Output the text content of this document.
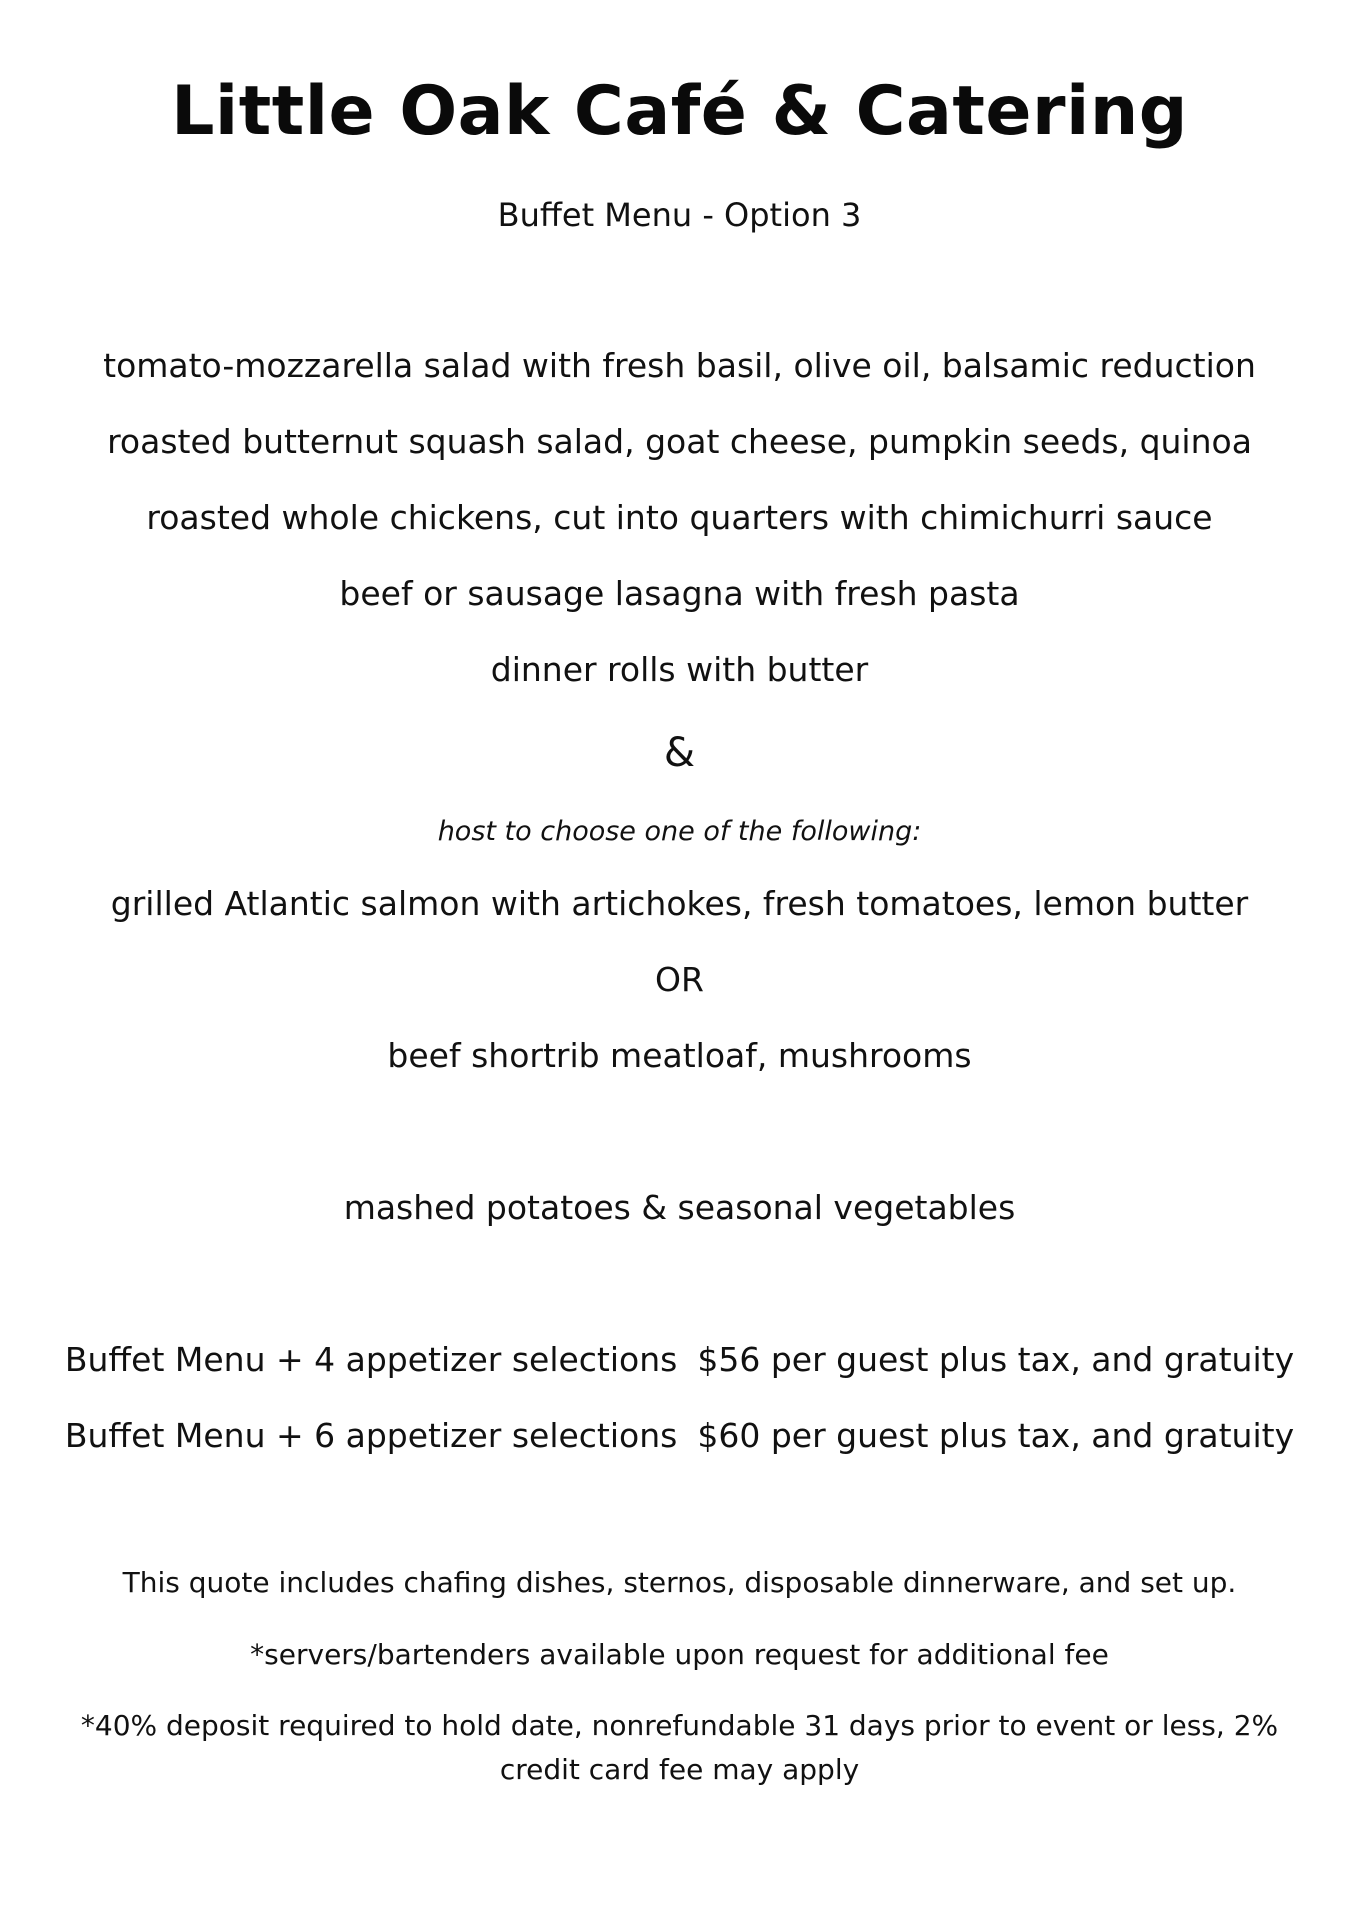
Little Oak Café & Catering
Buffet Menu - Option 3
tomato-mozzarella salad with fresh basil, olive oil, balsamic reduction
roasted butternut squash salad, goat cheese, pumpkin seeds, quinoa
roasted whole chickens, cut into quarters with chimichurri sauce
beef or sausage lasagna with fresh pasta
dinner rolls with butter
&
host to choose one of the following:
grilled Atlantic salmon with artichokes, fresh tomatoes, lemon butter
OR
beef shortrib meatloaf, mushrooms
mashed potatoes & seasonal vegetables
Buffet Menu + 4 appetizer selections $56 per guest plus tax, and gratuity
Buffet Menu + 6 appetizer selections $60 per guest plus tax, and gratuity
This quote includes chafing dishes, sternos, disposable dinnerware, and set up.
*servers/bartenders available upon request for additional fee
*40% deposit required to hold date, nonrefundable 31 days prior to event or less, 2% credit card fee may apply
